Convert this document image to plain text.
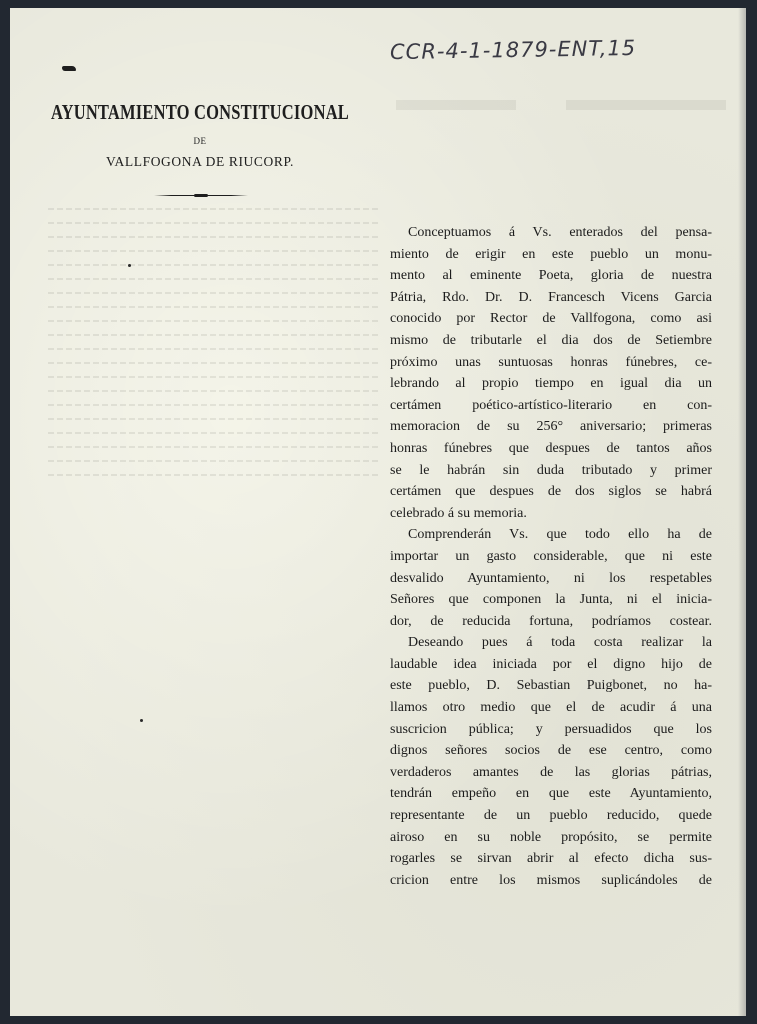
CCR-4-1-1879-ENT,15
AYUNTAMIENTO CONSTITUCIONAL
DE
VALLFOGONA DE RIUCORP.
Conceptuamos á Vs. enterados del pensa-
miento de erigir en este pueblo un monu-
mento al eminente Poeta, gloria de nuestra
Pátria, Rdo. Dr. D. Francesch Vicens Garcia
conocido por Rector de Vallfogona, como asi
mismo de tributarle el dia dos de Setiembre
próximo unas suntuosas honras fúnebres, ce-
lebrando al propio tiempo en igual dia un
certámen poético-artístico-literario en con-
memoracion de su 256° aniversario; primeras
honras fúnebres que despues de tantos años
se le habrán sin duda tributado y primer
certámen que despues de dos siglos se habrá
celebrado á su memoria.
Comprenderán Vs. que todo ello ha de
importar un gasto considerable, que ni este
desvalido Ayuntamiento, ni los respetables
Señores que componen la Junta, ni el inicia-
dor, de reducida fortuna, podríamos costear.
Deseando pues á toda costa realizar la
laudable idea iniciada por el digno hijo de
este pueblo, D. Sebastian Puigbonet, no ha-
llamos otro medio que el de acudir á una
suscricion pública; y persuadidos que los
dignos señores socios de ese centro, como
verdaderos amantes de las glorias pátrias,
tendrán empeño en que este Ayuntamiento,
representante de un pueblo reducido, quede
airoso en su noble propósito, se permite
rogarles se sirvan abrir al efecto dicha sus-
cricion entre los mismos suplicándoles de
